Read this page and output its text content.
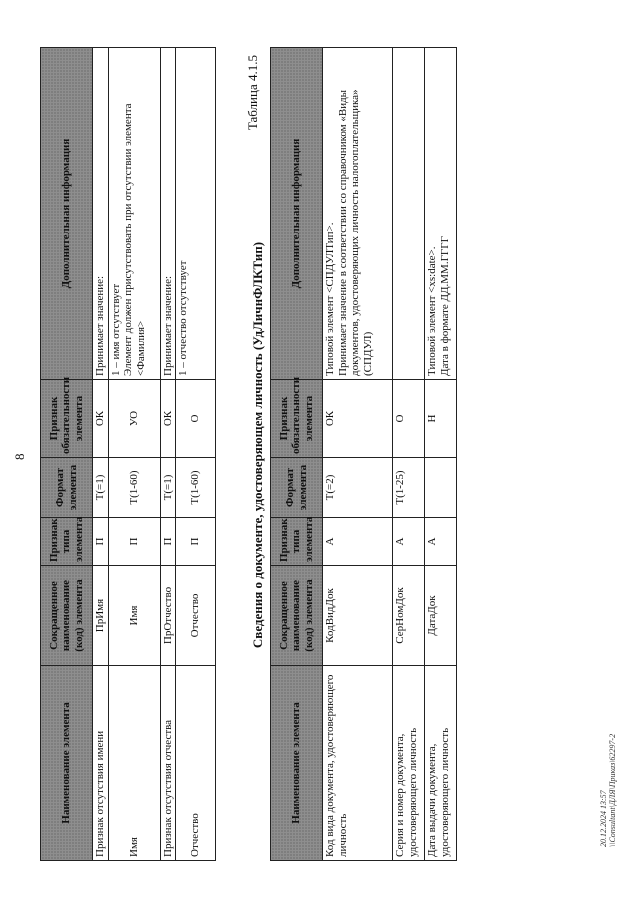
8
Наименование элемента	Сокращенное наименование (код) элемента	Признак типа элемента	Формат элемента	Признак обязательности элемента	Дополнительная информация
Признак отсутствия имени	ПрИмя	П	T(=1)	ОК	Принимает значение:
Имя	Имя	П	T(1-60)	УО	1 – имя отсутствует
Элемент должен присутствовать при отсутствии элемента <Фамилия>
Признак отсутствия отчества	ПрОтчество	П	T(=1)	ОК	Принимает значение:
Отчество	Отчество	П	T(1-60)	О	1 – отчество отсутствует
Таблица 4.1.5
Сведения о документе, удостоверяющем личность (УдЛичнФЛКТип)
Наименование элемента	Сокращенное наименование (код) элемента	Признак типа элемента	Формат элемента	Признак обязательности элемента	Дополнительная информация
Код вида документа, удостоверяющего личность	КодВидДок	А	T(=2)	ОК	Типовой элемент <СПДУЛТип>.
Принимает значение в соответствии со справочником «Виды документов, удостоверяющих личность налогоплательщика» (СПДУЛ)
Серия и номер документа, удостоверяющего личность	СерНомДок	А	T(1-25)	О	
Дата выдачи документа, удостоверяющего личность	ДатаДок	А		Н	Типовой элемент <xs:date>.
Дата в формате ДД.ММ.ГГГГ
20.12.2024 13:57 \\Consultant\ДЛЯ\Приказ\62297-2
